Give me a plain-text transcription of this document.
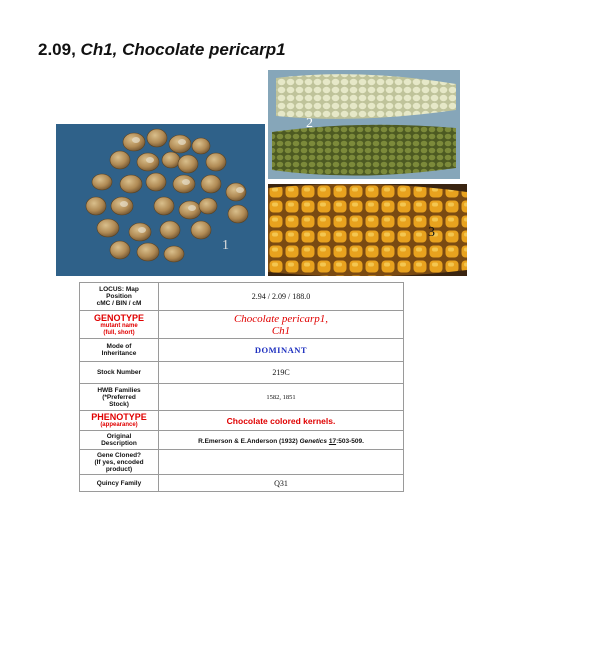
2.09, Ch1, Chocolate pericarp1
1
2
3
LOCUS: Map
Position
cMC / BIN / cM	2.94 / 2.09 / 188.0

GENOTYPE
mutant name
(full, short)	Chocolate pericarp1,
Ch1

Mode of
Inheritance	DOMINANT
Stock Number	219C

HWB Families
(*Preferred
Stock)	1582, 1851

PHENOTYPE
(appearance)	Chocolate colored kernels.

Original
Description	R.Emerson & E.Anderson (1932) Genetics 17:503-509.

Gene Cloned?
(If yes, encoded
product)	

Quincy Family	Q31
